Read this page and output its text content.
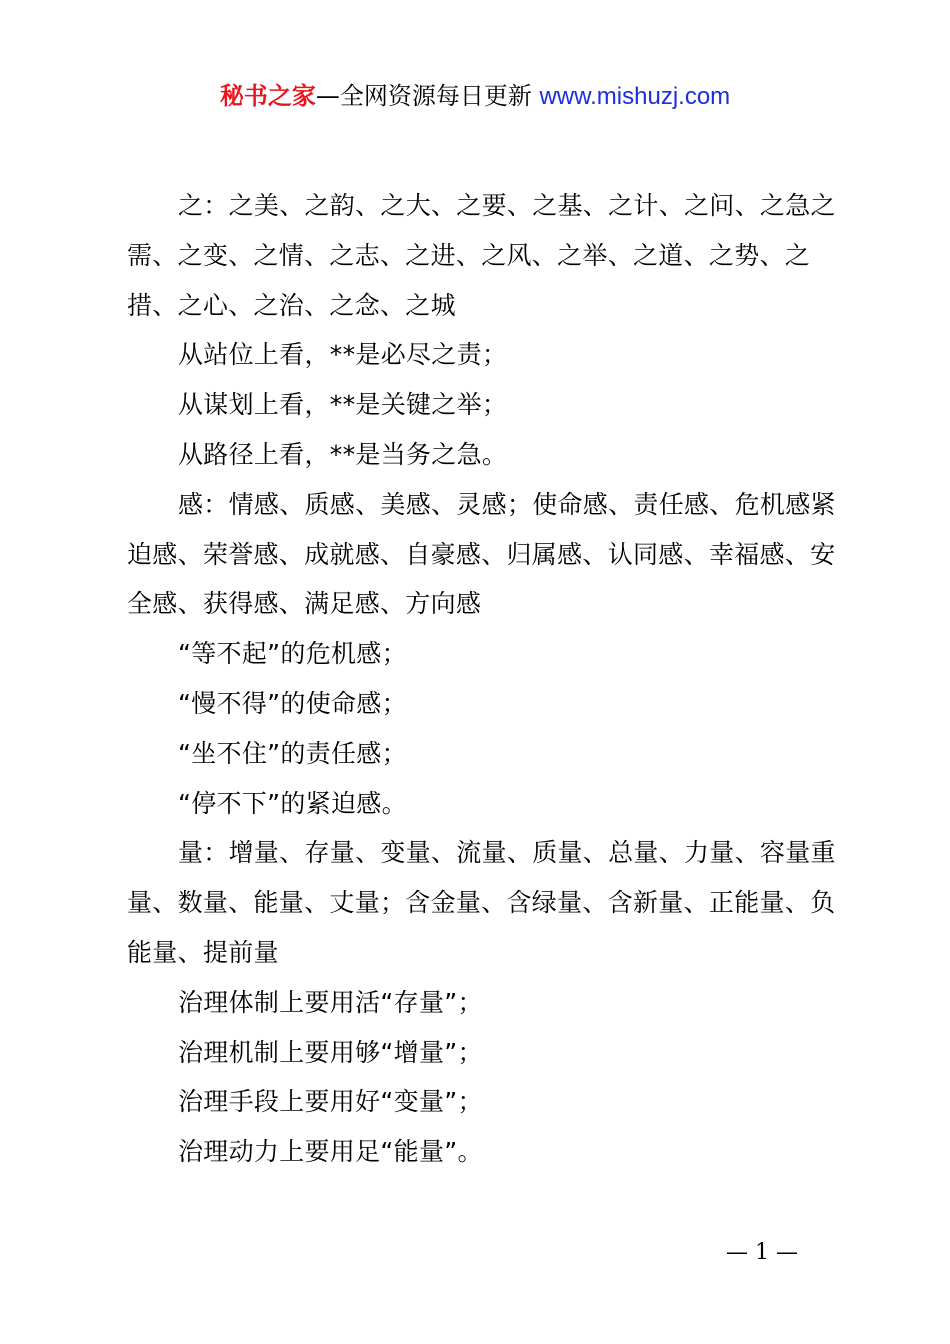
秘书之家—全网资源每日更新 www.mishuzj.com

之：之美、之韵、之大、之要、之基、之计、之问、之急之需、之变、之情、之志、之进、之风、之举、之道、之势、之措、之心、之治、之念、之城

从站位上看，**是必尽之责；

从谋划上看，**是关键之举；

从路径上看，**是当务之急。

感：情感、质感、美感、灵感；使命感、责任感、危机感紧迫感、荣誉感、成就感、自豪感、归属感、认同感、幸福感、安全感、获得感、满足感、方向感

“等不起”的危机感；

“慢不得”的使命感；

“坐不住”的责任感；

“停不下”的紧迫感。

量：增量、存量、变量、流量、质量、总量、力量、容量重量、数量、能量、丈量；含金量、含绿量、含新量、正能量、负能量、提前量

治理体制上要用活“存量”；

治理机制上要用够“增量”；

治理手段上要用好“变量”；

治理动力上要用足“能量”。

— 1 —
